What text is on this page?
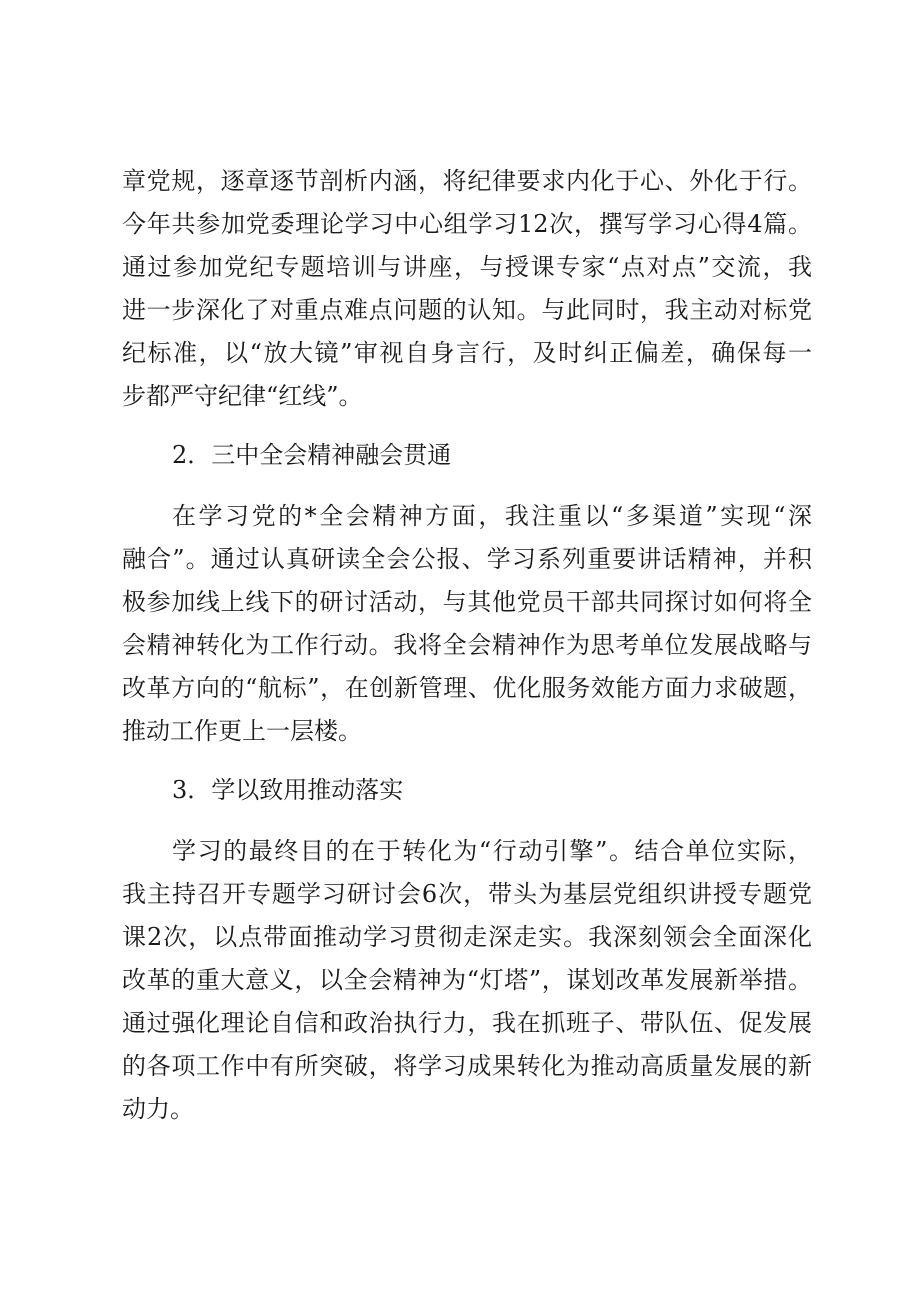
章党规，逐章逐节剖析内涵，将纪律要求内化于心、外化于行。
今年共参加党委理论学习中心组学习12次，撰写学习心得4篇。
通过参加党纪专题培训与讲座，与授课专家“点对点”交流，我
进一步深化了对重点难点问题的认知。与此同时，我主动对标党
纪标准，以“放大镜”审视自身言行，及时纠正偏差，确保每一
步都严守纪律“红线”。
2．三中全会精神融会贯通
在学习党的*全会精神方面，我注重以“多渠道”实现“深
融合”。通过认真研读全会公报、学习系列重要讲话精神，并积
极参加线上线下的研讨活动，与其他党员干部共同探讨如何将全
会精神转化为工作行动。我将全会精神作为思考单位发展战略与
改革方向的“航标”，在创新管理、优化服务效能方面力求破题，
推动工作更上一层楼。
3．学以致用推动落实
学习的最终目的在于转化为“行动引擎”。结合单位实际，
我主持召开专题学习研讨会6次，带头为基层党组织讲授专题党
课2次，以点带面推动学习贯彻走深走实。我深刻领会全面深化
改革的重大意义，以全会精神为“灯塔”，谋划改革发展新举措。
通过强化理论自信和政治执行力，我在抓班子、带队伍、促发展
的各项工作中有所突破，将学习成果转化为推动高质量发展的新
动力。
